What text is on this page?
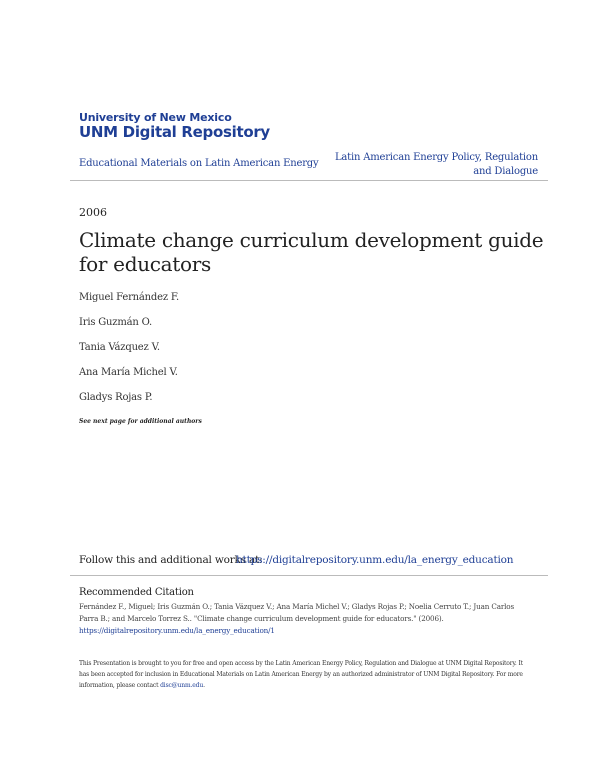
University of New Mexico
UNM Digital Repository
Educational Materials on Latin American Energy
Latin American Energy Policy, Regulation and Dialogue
2006
Climate change curriculum development guide for educators
Miguel Fernández F.
Iris Guzmán O.
Tania Vázquez V.
Ana María Michel V.
Gladys Rojas P.
See next page for additional authors
Follow this and additional works at:
https://digitalrepository.unm.edu/la_energy_education
Recommended Citation
Fernández F., Miguel; Iris Guzmán O.; Tania Vázquez V.; Ana María Michel V.; Gladys Rojas P.; Noelia Cerruto T.; Juan Carlos Parra B.; and Marcelo Torrez S.. "Climate change curriculum development guide for educators." (2006). https://digitalrepository.unm.edu/la_energy_education/1
This Presentation is brought to you for free and open access by the Latin American Energy Policy, Regulation and Dialogue at UNM Digital Repository. It has been accepted for inclusion in Educational Materials on Latin American Energy by an authorized administrator of UNM Digital Repository. For more information, please contact disc@unm.edu.
